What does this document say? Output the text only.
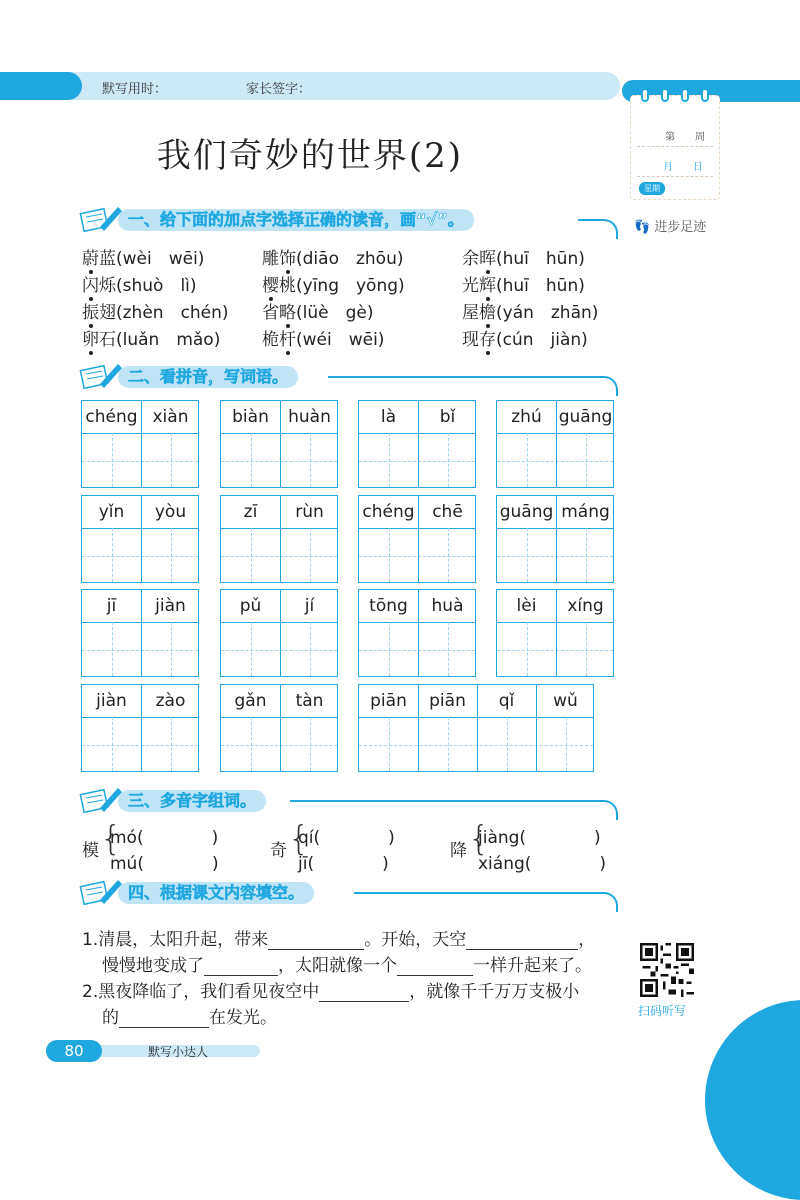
默写用时：	家长签字：
第　　周
月　　日
星期
👣 进步足迹
我们奇妙的世界(2)
一、给下面的加点字选择正确的读音，画“√”。
蔚蓝(wèi　wēi)	雕饰(diāo　zhōu)	余晖(huī　hūn)
闪烁(shuò　lì)	樱桃(yīng　yōng)	光辉(huī　hūn)
振翅(zhèn　chén) 省略(lüè　gè)	屋檐(yán　zhān)
卵石(luǎn　mǎo) 桅杆(wéi　wēi)	现存(cún　jiàn)
二、看拼音，写词语。
chéng xiàn	biàn	huàn	là	bǐ	zhú guāng
yǐn	yòu	zī	rùn	chéng	chē	guāng máng
jī	jiàn	pǔ	jí	tōng	huà	lèi	xíng
jiàn	zào	gǎn	tàn	piān	piān	qǐ	wǔ
三、多音字组词。
模 {
mó(　　　　)
mú(　　　　)
奇 {
qí(　　　　)
jī(　　　　)
降 {
jiàng(　　　　)
xiáng(　　　　)
四、根据课文内容填空。
1.清晨，太阳升起，带来	。开始，天空	，
慢慢地变成了	，太阳就像一个	一样升起来了。
2.黑夜降临了，我们看见夜空中	，就像千千万万支极小
的	在发光。	扫码听写
80	默写小达人
